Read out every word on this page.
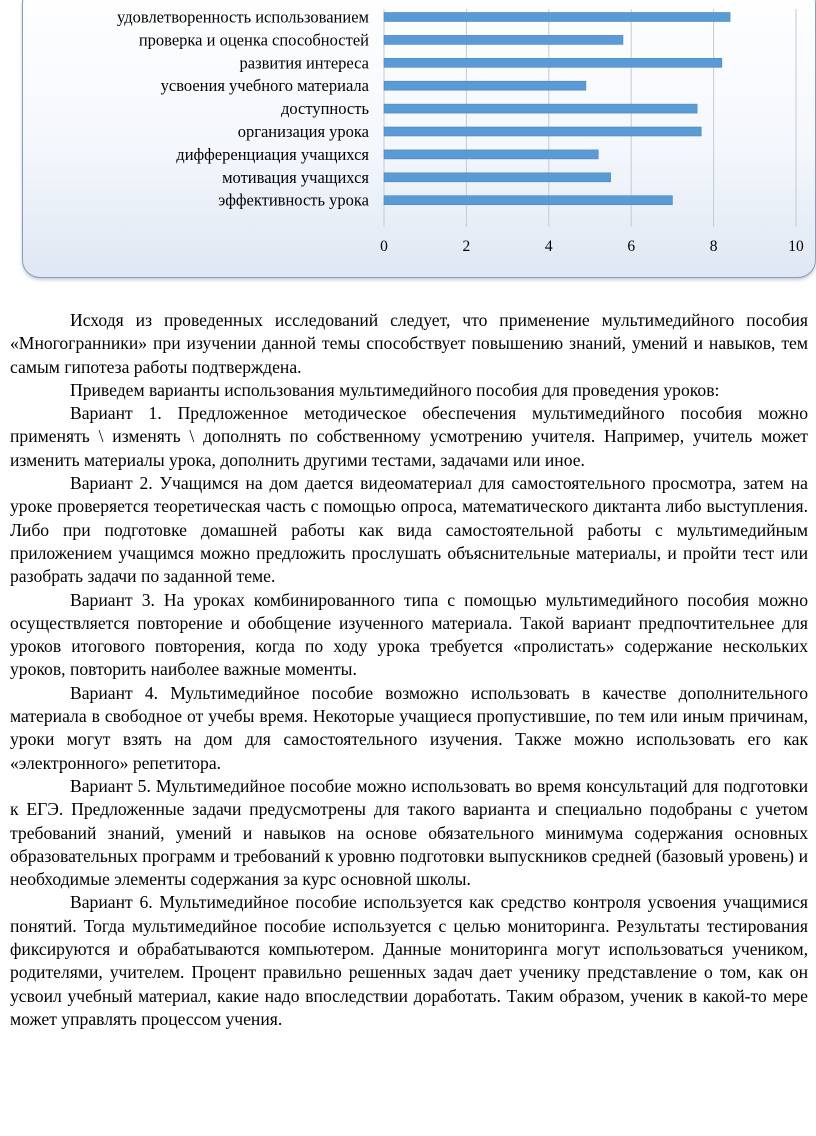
удовлетворенность использованием
проверка и оценка способностей
развития интереса
усвоения учебного материала
доступность
организация урока
дифференциация учащихся
мотивация учащихся
эффективность урока
0	2	4	6	8	10

Исходя из проведенных исследований следует, что применение мультимедийного пособия «Многогранники» при изучении данной темы способствует повышению знаний, умений и навыков, тем самым гипотеза работы подтверждена.

Приведем варианты использования мультимедийного пособия для проведения уроков:

Вариант 1. Предложенное методическое обеспечения мультимедийного пособия можно применять \ изменять \ дополнять по собственному усмотрению учителя. Например, учитель может изменить материалы урока, дополнить другими тестами, задачами или иное.

Вариант 2. Учащимся на дом дается видеоматериал для самостоятельного просмотра, затем на уроке проверяется теоретическая часть с помощью опроса, математического диктанта либо выступления. Либо при подготовке домашней работы как вида самостоятельной работы с мультимедийным приложением учащимся можно предложить прослушать объяснительные материалы, и пройти тест или разобрать задачи по заданной теме.

Вариант 3. На уроках комбинированного типа с помощью мультимедийного пособия можно осуществляется повторение и обобщение изученного материала. Такой вариант предпочтительнее для уроков итогового повторения, когда по ходу урока требуется «пролистать» содержание нескольких уроков, повторить наиболее важные моменты.

Вариант 4. Мультимедийное пособие возможно использовать в качестве дополнительного материала в свободное от учебы время. Некоторые учащиеся пропустившие, по тем или иным причинам, уроки могут взять на дом для самостоятельного изучения. Также можно использовать его как «электронного» репетитора.

Вариант 5. Мультимедийное пособие можно использовать во время консультаций для подготовки к ЕГЭ. Предложенные задачи предусмотрены для такого варианта и специально подобраны с учетом требований знаний, умений и навыков на основе обязательного минимума содержания основных образовательных программ и требований к уровню подготовки выпускников средней (базовый уровень) и необходимые элементы содержания за курс основной школы.

Вариант 6. Мультимедийное пособие используется как средство контроля усвоения учащимися понятий. Тогда мультимедийное пособие используется с целью мониторинга. Результаты тестирования фиксируются и обрабатываются компьютером. Данные мониторинга могут использоваться учеником, родителями, учителем. Процент правильно решенных задач дает ученику представление о том, как он усвоил учебный материал, какие надо впоследствии доработать. Таким образом, ученик в какой-то мере может управлять процессом учения.
